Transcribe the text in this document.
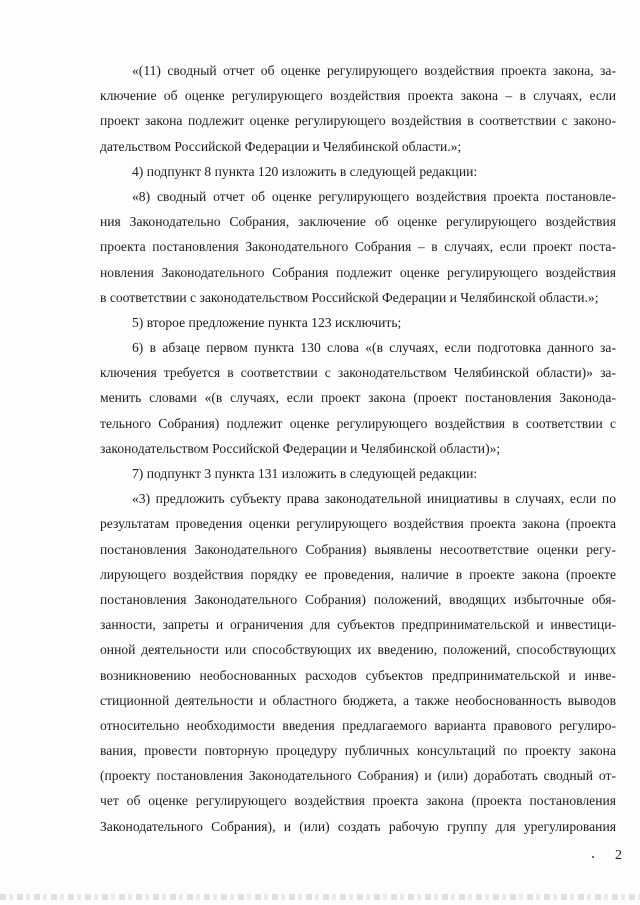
«(11) сводный отчет об оценке регулирующего воздействия проекта закона, за-
ключение об оценке регулирующего воздействия проекта закона – в случаях, если
проект закона подлежит оценке регулирующего воздействия в соответствии с законо-
дательством Российской Федерации и Челябинской области.»;
4) подпункт 8 пункта 120 изложить в следующей редакции:
«8) сводный отчет об оценке регулирующего воздействия проекта постановле-
ния Законодательно Собрания, заключение об оценке регулирующего воздействия
проекта постановления Законодательного Собрания – в случаях, если проект поста-
новления Законодательного Собрания подлежит оценке регулирующего воздействия
в соответствии с законодательством Российской Федерации и Челябинской области.»;
5) второе предложение пункта 123 исключить;
6) в абзаце первом пункта 130 слова «(в случаях, если подготовка данного за-
ключения требуется в соответствии с законодательством Челябинской области)» за-
менить словами «(в случаях, если проект закона (проект постановления Законода-
тельного Собрания) подлежит оценке регулирующего воздействия в соответствии с
законодательством Российской Федерации и Челябинской области)»;
7) подпункт 3 пункта 131 изложить в следующей редакции:
«3) предложить субъекту права законодательной инициативы в случаях, если по
результатам проведения оценки регулирующего воздействия проекта закона (проекта
постановления Законодательного Собрания) выявлены несоответствие оценки регу-
лирующего воздействия порядку ее проведения, наличие в проекте закона (проекте
постановления Законодательного Собрания) положений, вводящих избыточные обя-
занности, запреты и ограничения для субъектов предпринимательской и инвестици-
онной деятельности или способствующих их введению, положений, способствующих
возникновению необоснованных расходов субъектов предпринимательской и инве-
стиционной деятельности и областного бюджета, а также необоснованность выводов
относительно необходимости введения предлагаемого варианта правового регулиро-
вания, провести повторную процедуру публичных консультаций по проекту закона
(проекту постановления Законодательного Собрания) и (или) доработать сводный от-
чет об оценке регулирующего воздействия проекта закона (проекта постановления
Законодательного Собрания), и (или) создать рабочую группу для урегулирования
2
